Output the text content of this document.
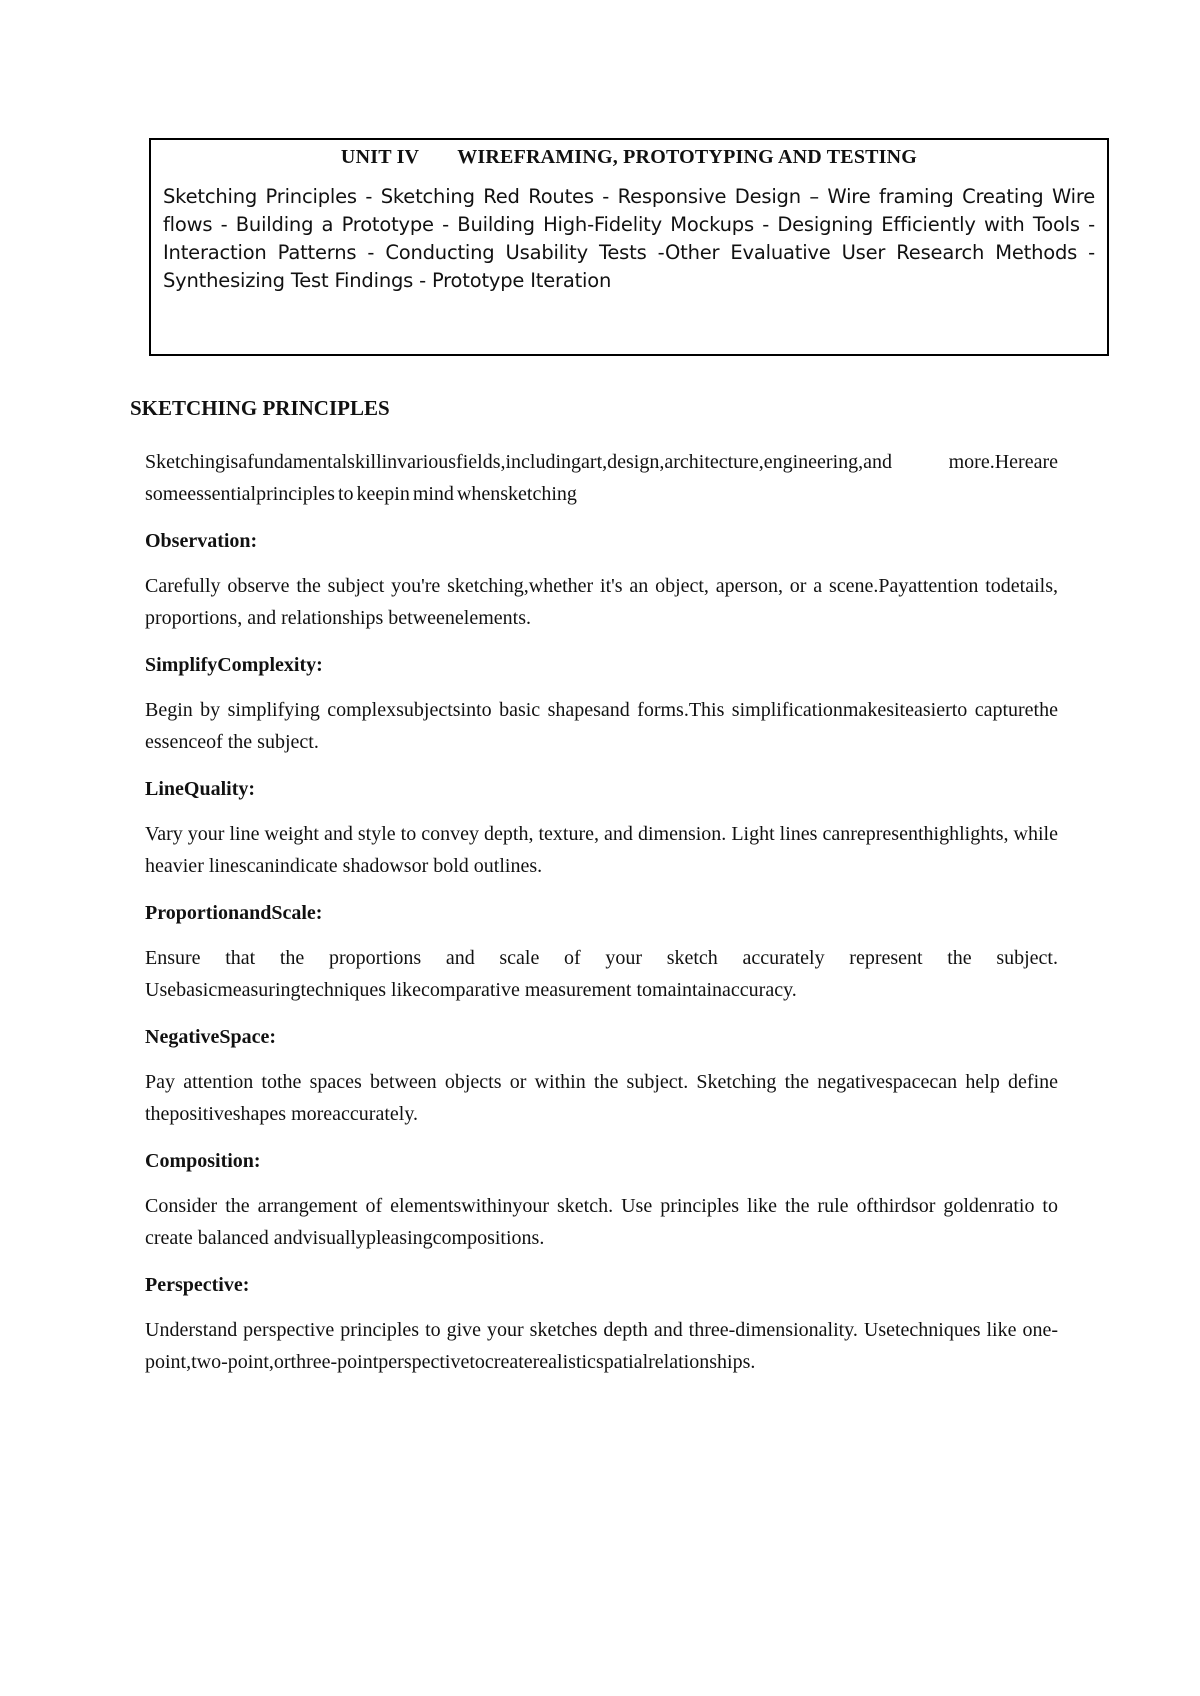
UNIT IV WIREFRAMING, PROTOTYPING AND TESTING
Sketching Principles - Sketching Red Routes - Responsive Design – Wire framing Creating Wire flows - Building a Prototype - Building High-Fidelity Mockups - Designing Efficiently with Tools - Interaction Patterns - Conducting Usability Tests -Other Evaluative User Research Methods - Synthesizing Test Findings - Prototype Iteration
SKETCHING PRINCIPLES

Sketchingisafundamentalskillinvariousfields,includingart,design,architecture,engineering,and more.Hereare someessentialprinciples to keepin mind whensketching

Observation:

Carefully observe the subject you're sketching,whether it's an object, aperson, or a scene.Payattention todetails, proportions, and relationships betweenelements.

SimplifyComplexity:

Begin by simplifying complexsubjectsinto basic shapesand forms.This simplificationmakesiteasierto capturethe essenceof the subject.

LineQuality:

Vary your line weight and style to convey depth, texture, and dimension. Light lines canrepresenthighlights, while heavier linescanindicate shadowsor bold outlines.

ProportionandScale:

Ensure that the proportions and scale of your sketch accurately represent the subject. Usebasicmeasuringtechniques likecomparative measurement tomaintainaccuracy.

NegativeSpace:

Pay attention tothe spaces between objects or within the subject. Sketching the negativespacecan help define thepositiveshapes moreaccurately.

Composition:

Consider the arrangement of elementswithinyour sketch. Use principles like the rule ofthirdsor goldenratio to create balanced andvisuallypleasingcompositions.

Perspective:

Understand perspective principles to give your sketches depth and three-dimensionality. Usetechniques like one-point,two-point,orthree-pointperspectivetocreaterealisticspatialrelationships.
